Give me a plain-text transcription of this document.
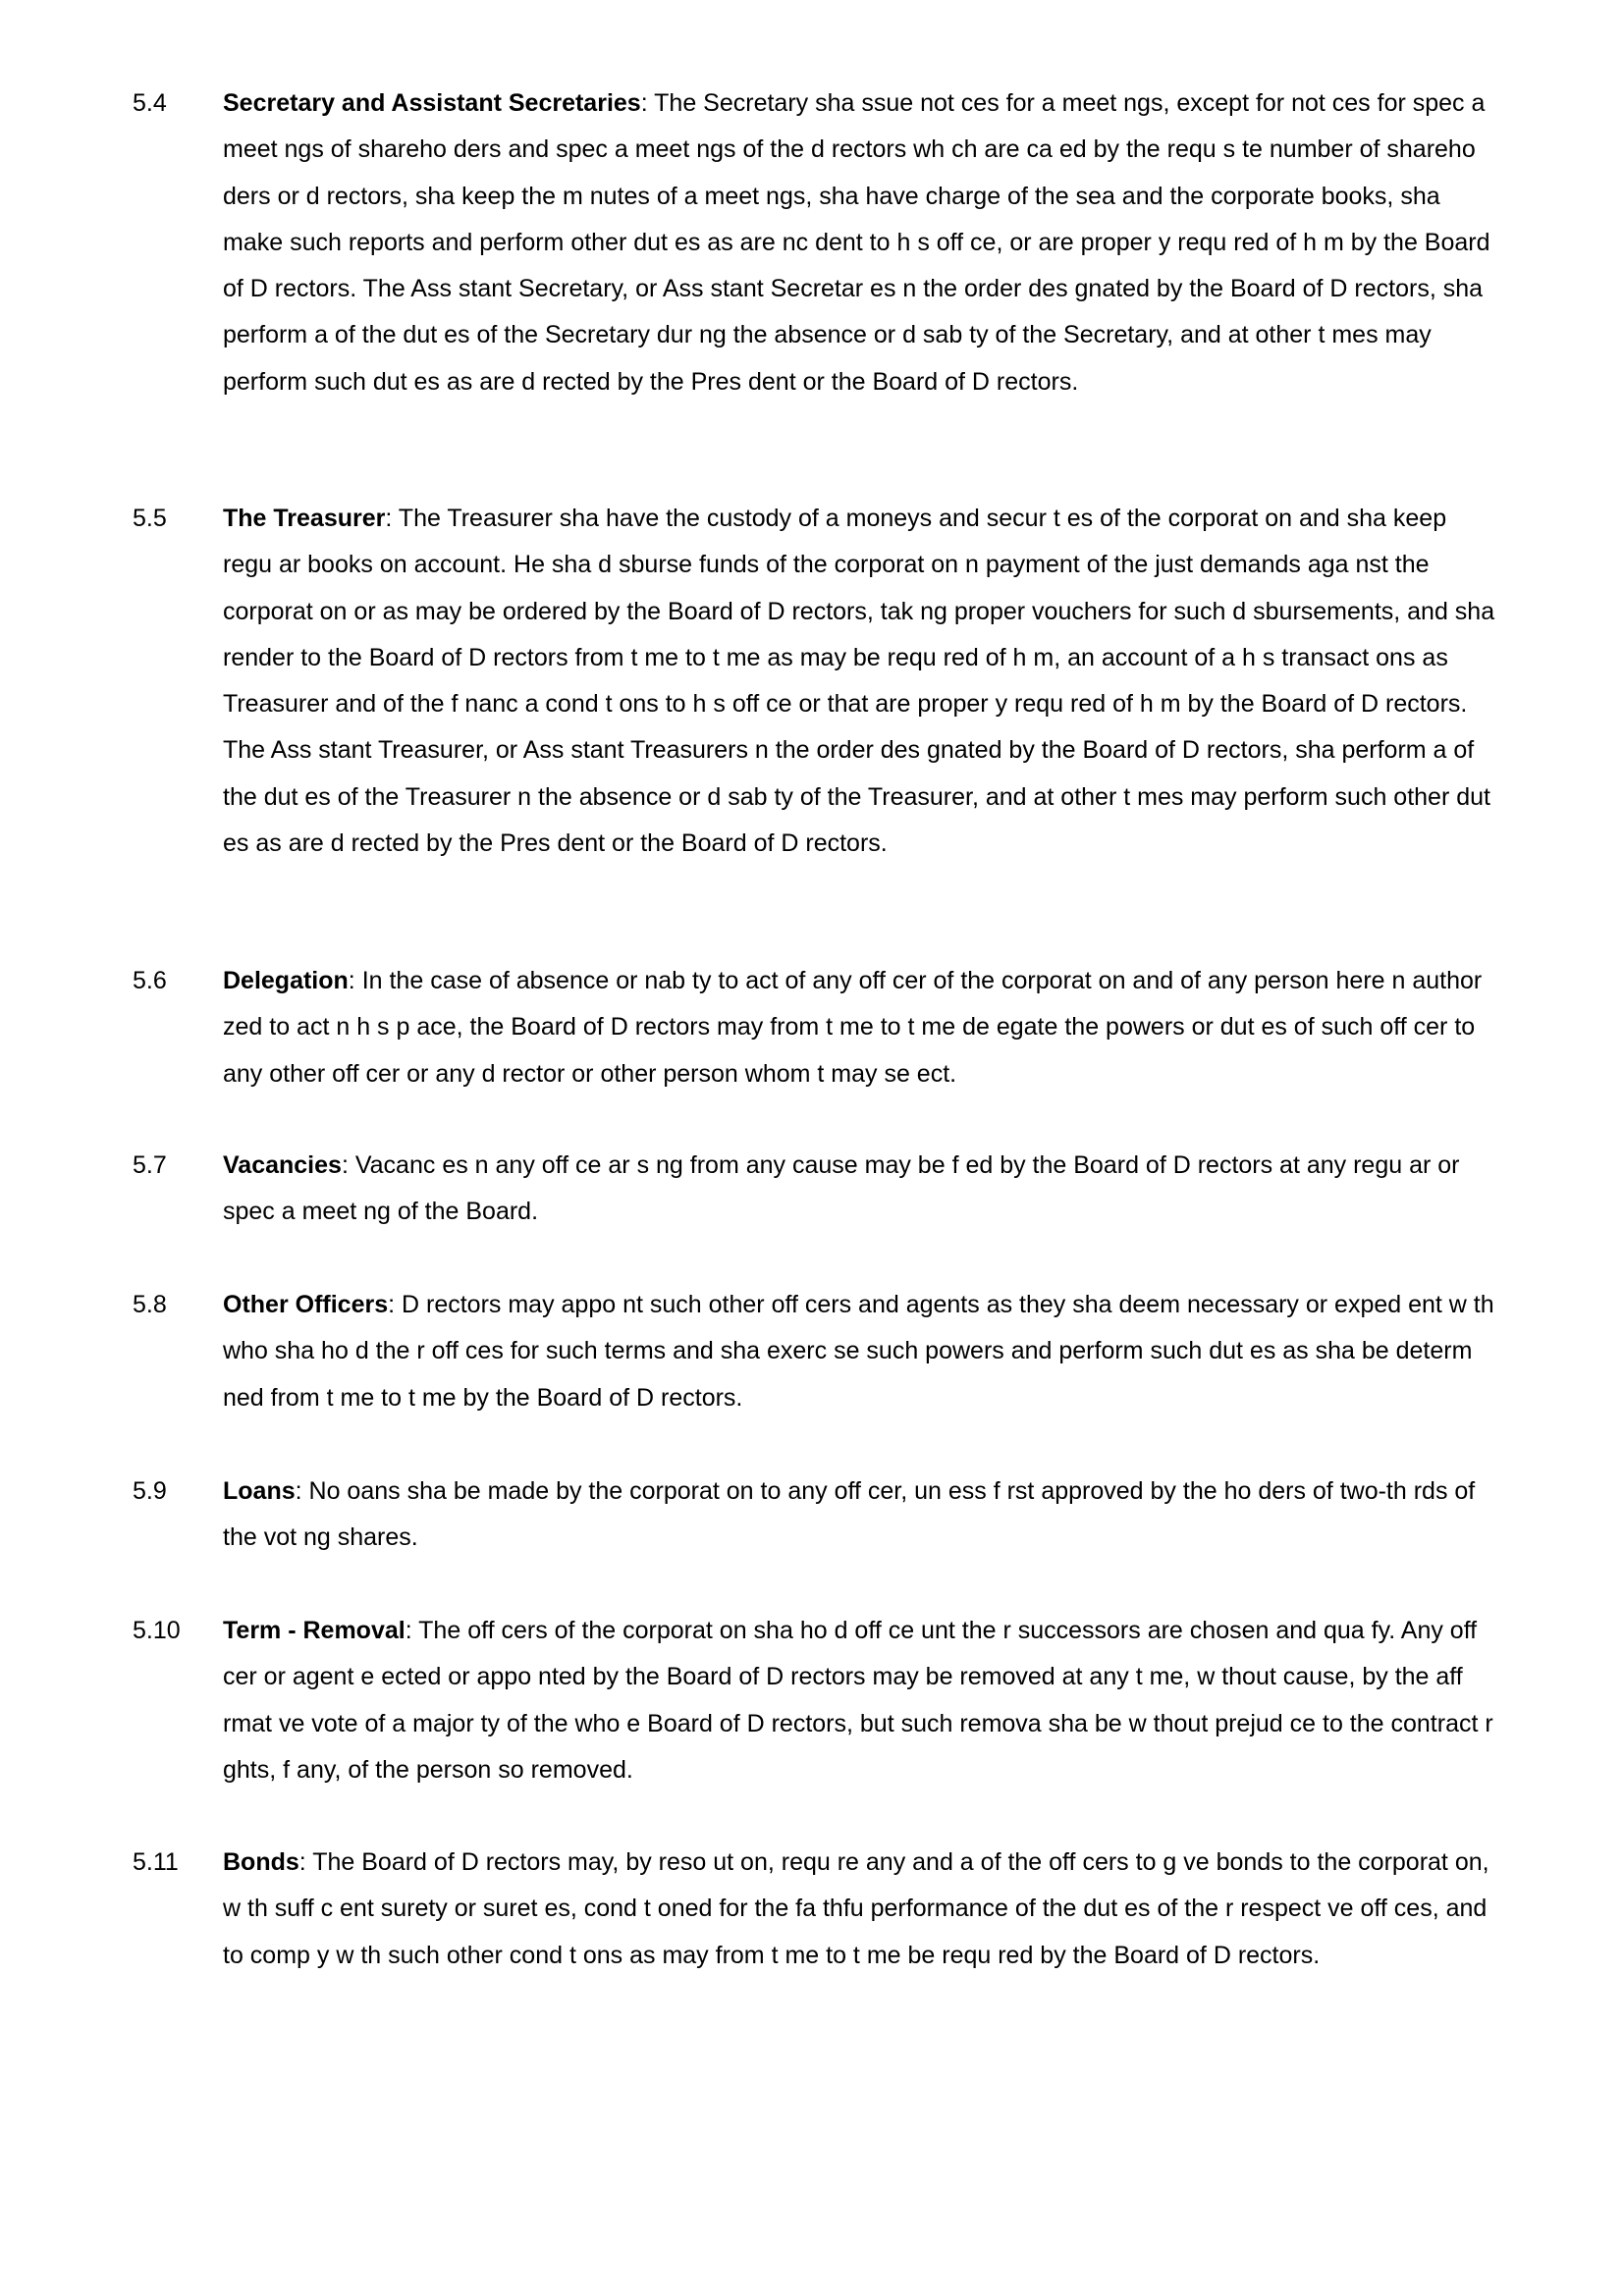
5.4 Secretary and Assistant Secretaries: The Secretary sha ssue not ces for a meet ngs, except for not ces for spec a meet ngs of shareho ders and spec a meet ngs of the d rectors wh ch are ca ed by the requ s te number of shareho ders or d rectors, sha keep the m nutes of a meet ngs, sha have charge of the sea and the corporate books, sha make such reports and perform other dut es as are nc dent to h s off ce, or are proper y requ red of h m by the Board of D rectors. The Ass stant Secretary, or Ass stant Secretar es n the order des gnated by the Board of D rectors, sha perform a of the dut es of the Secretary dur ng the absence or d sab ty of the Secretary, and at other t mes may perform such dut es as are d rected by the Pres dent or the Board of D rectors.
5.5 The Treasurer: The Treasurer sha have the custody of a moneys and secur t es of the corporat on and sha keep regu ar books on account. He sha d sburse funds of the corporat on n payment of the just demands aga nst the corporat on or as may be ordered by the Board of D rectors, tak ng proper vouchers for such d sbursements, and sha render to the Board of D rectors from t me to t me as may be requ red of h m, an account of a h s transact ons as Treasurer and of the f nanc a cond t ons to h s off ce or that are proper y requ red of h m by the Board of D rectors. The Ass stant Treasurer, or Ass stant Treasurers n the order des gnated by the Board of D rectors, sha perform a of the dut es of the Treasurer n the absence or d sab ty of the Treasurer, and at other t mes may perform such other dut es as are d rected by the Pres dent or the Board of D rectors.
5.6 Delegation: In the case of absence or nab ty to act of any off cer of the corporat on and of any person here n author zed to act n h s p ace, the Board of D rectors may from t me to t me de egate the powers or dut es of such off cer to any other off cer or any d rector or other person whom t may se ect.
5.7 Vacancies: Vacanc es n any off ce ar s ng from any cause may be f ed by the Board of D rectors at any regu ar or spec a meet ng of the Board.
5.8 Other Officers: D rectors may appo nt such other off cers and agents as they sha deem necessary or exped ent w th who sha ho d the r off ces for such terms and sha exerc se such powers and perform such dut es as sha be determ ned from t me to t me by the Board of D rectors.
5.9 Loans: No oans sha be made by the corporat on to any off cer, un ess f rst approved by the ho ders of two-th rds of the vot ng shares.
5.10 Term - Removal: The off cers of the corporat on sha ho d off ce unt the r successors are chosen and qua fy. Any off cer or agent e ected or appo nted by the Board of D rectors may be removed at any t me, w thout cause, by the aff rmat ve vote of a major ty of the who e Board of D rectors, but such remova sha be w thout prejud ce to the contract r ghts, f any, of the person so removed.
5.11 Bonds: The Board of D rectors may, by reso ut on, requ re any and a of the off cers to g ve bonds to the corporat on, w th suff c ent surety or suret es, cond t oned for the fa thfu performance of the dut es of the r respect ve off ces, and to comp y w th such other cond t ons as may from t me to t me be requ red by the Board of D rectors.
